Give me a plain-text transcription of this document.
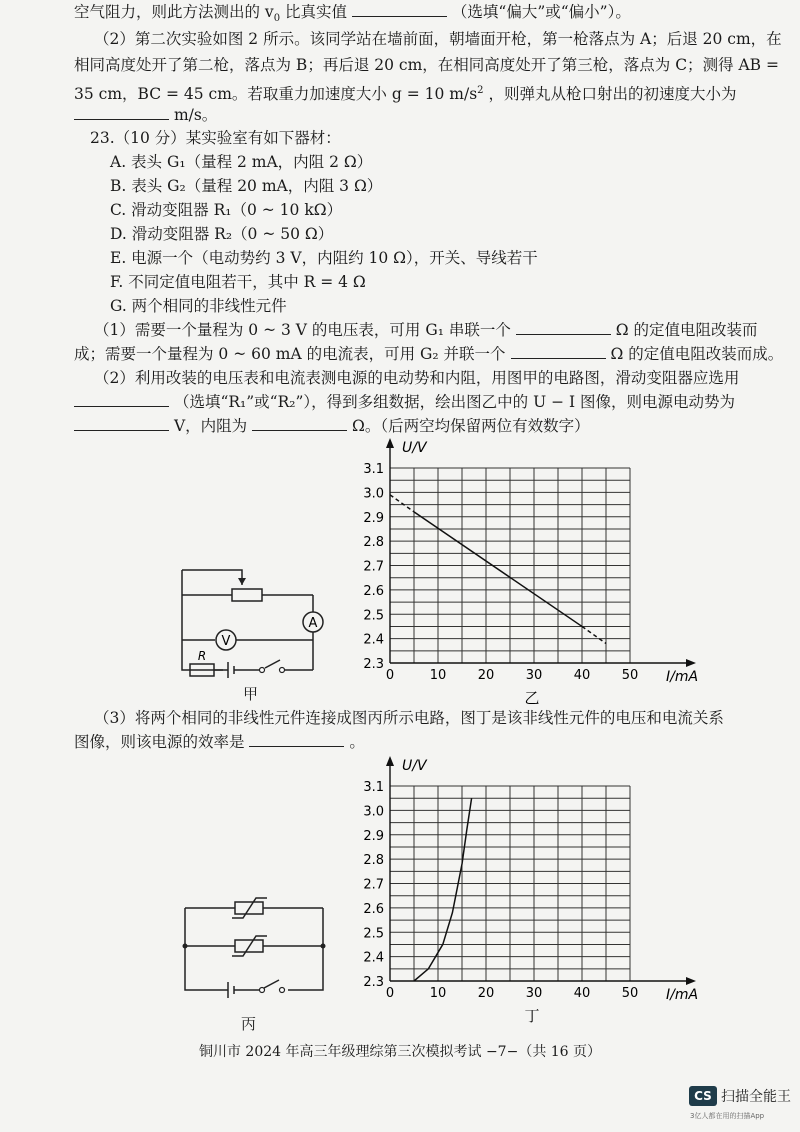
空气阻力，则此方法测出的 $v_0$ 比真实值	（选填“偏大”或“偏小”）。
（2）第二次实验如图 2 所示。该同学站在墙前面，朝墙面开枪，第一枪落点为 A；后退 20 cm，在
相同高度处开了第二枪，落点为 B；再后退 20 cm，在相同高度处开了第三枪，落点为 C；测得 AB =
35 cm，BC = 45 cm。若取重力加速度大小 g = 10 $m/s^2$ ，则弹丸从枪口射出的初速度大小为
m/s。
23.（10 分）某实验室有如下器材：
A. 表头 G₁（量程 2 mA，内阻 2 Ω）
B. 表头 G₂（量程 20 mA，内阻 3 Ω）
C. 滑动变阻器 R₁（0 ~ 10 kΩ）
D. 滑动变阻器 R₂（0 ~ 50 Ω）
E. 电源一个（电动势约 3 V，内阻约 10 Ω），开关、导线若干
F. 不同定值电阻若干，其中 R = 4 Ω
G. 两个相同的非线性元件
（1）需要一个量程为 0 ~ 3 V 的电压表，可用 G₁ 串联一个	Ω 的定值电阻改装而
成；需要一个量程为 0 ~ 60 mA 的电流表，可用 G₂ 并联一个	Ω 的定值电阻改装而成。
（2）利用改装的电压表和电流表测电源的电动势和内阻，用图甲的电路图，滑动变阻器应选用
（选填“R₁”或“R₂”），得到多组数据，绘出图乙中的 U − I 图像，则电源电动势为
V，内阻为	Ω。（后两空均保留两位有效数字）
（3）将两个相同的非线性元件连接成图丙所示电路，图丁是该非线性元件的电压和电流关系
图像，则该电源的效率是	。
A
V
R
甲
0	10 20 30 40 50
2.3
2.4
2.5
2.6
2.7
2.8
2.9
3.0
3.1
U/V
I/mA
乙
丙
0	10 20 30 40 50
2.3
2.4
2.5
2.6
2.7
2.8
2.9
3.0
3.1
U/V
I/mA
丁
铜川市 2024 年高三年级理综第三次模拟考试 −7−（共 16 页）
CS 扫描全能王
3亿人都在用的扫描App
